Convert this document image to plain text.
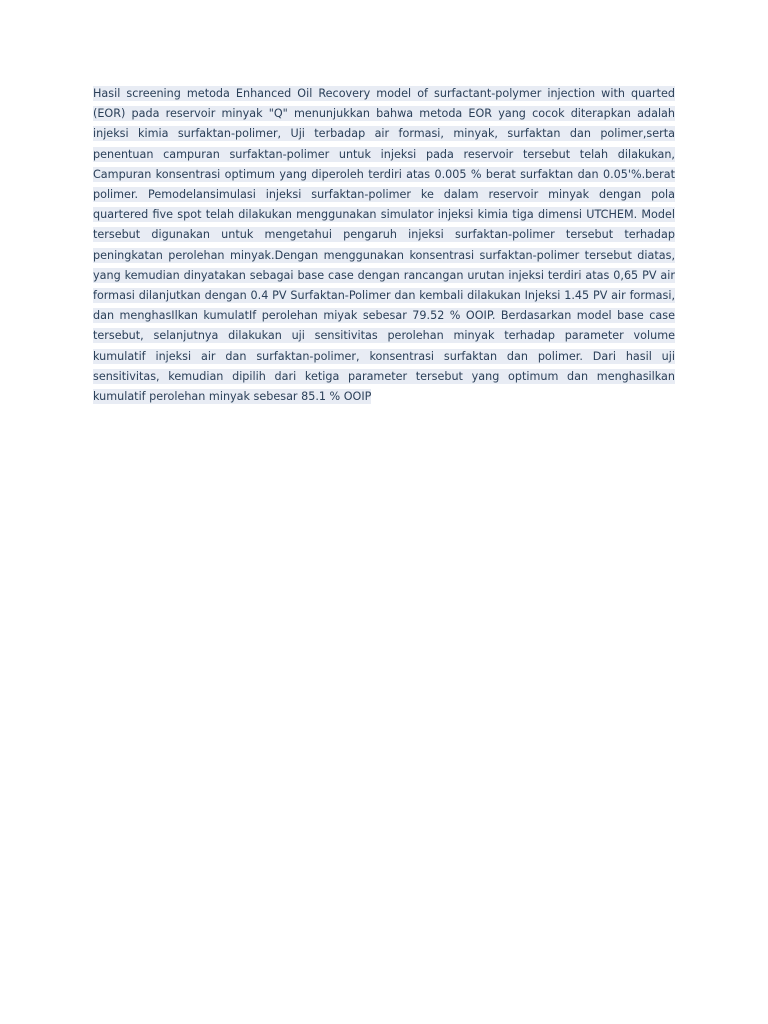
Hasil screening metoda Enhanced Oil Recovery model of surfactant-polymer injection with quarted (EOR) pada reservoir minyak "Q" menunjukkan bahwa metoda EOR yang cocok diterapkan adalah injeksi kimia surfaktan-polimer, Uji terbadap air formasi, minyak, surfaktan dan polimer,serta penentuan campuran surfaktan-polimer untuk injeksi pada reservoir tersebut telah dilakukan, Campuran konsentrasi optimum yang diperoleh terdiri atas 0.005 % berat surfaktan dan 0.05'%.berat polimer. Pemodelansimulasi injeksi surfaktan-polimer ke dalam reservoir minyak dengan pola quartered five spot telah dilakukan menggunakan simulator injeksi kimia tiga dimensi UTCHEM. Model tersebut digunakan untuk mengetahui pengaruh injeksi surfaktan-polimer tersebut terhadap peningkatan perolehan minyak.Dengan menggunakan konsentrasi surfaktan-polimer tersebut diatas, yang kemudian dinyatakan sebagai base case dengan rancangan urutan injeksi terdiri atas 0,65 PV air formasi dilanjutkan dengan 0.4 PV Surfaktan-Polimer dan kembali dilakukan Injeksi 1.45 PV air formasi, dan menghasIlkan kumulatIf perolehan miyak sebesar 79.52 % OOIP. Berdasarkan model base case tersebut, selanjutnya dilakukan uji sensitivitas perolehan minyak terhadap parameter volume kumulatif injeksi air dan surfaktan-polimer, konsentrasi surfaktan dan polimer. Dari hasil uji sensitivitas, kemudian dipilih dari ketiga parameter tersebut yang optimum dan menghasilkan kumulatif perolehan minyak sebesar 85.1 % OOIP
